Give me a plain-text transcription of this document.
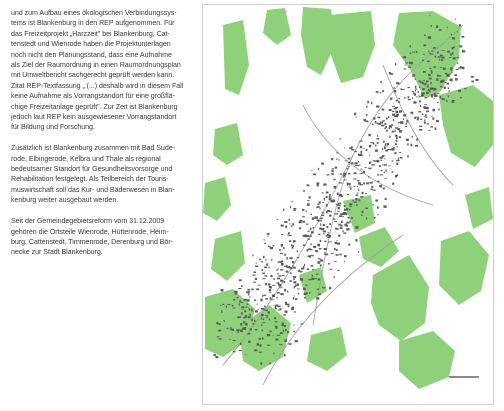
und zum Aufbau eines ökologischen Verbindungssys-
tems ist Blankenburg in den REP aufgenommen. Für
das Freizeitprojekt „Harzzeit" bei Blankenburg, Cat-
tenstedt und Wienrode haben die Projektunterlagen
noch nicht den Planungsstand, dass eine Aufnahme
als Ziel der Raumordnung in einen Raumordnungsplan
mit Umweltbericht sachgerecht geprüft werden kann.
Zitat REP-Textfassung „ (...) deshalb wird in diesem Fall
keine Aufnahme als Vorrangstandort für eine großflä-
chige Freizeitanlage geprüft". Zur Zeit ist Blankenburg
jedoch laut REP kein ausgewiesener Vorrangstandort
für Bildung und Forschung.

Zusätzlich ist Blankenburg zusammen mit Bad Sude-
rode, Elbingerode, Kelbra und Thale als regional
bedeutsamer Standort für Gesundheitsvorsorge und
Rehabilitation festgelegt. Als Teilbereich der Touris-
muswirtschaft soll das Kur- und Bäderwesen in Blan-
kenburg weiter ausgebaut werden.

Seit der Gemeindegebietsreform vom 31.12.2009
gehören die Ortsteile Wienrode, Hüttenrode, Heim-
burg, Cattenstedt, Timmenrode, Derenburg und Bör-
necke zur Stadt Blankenburg.
